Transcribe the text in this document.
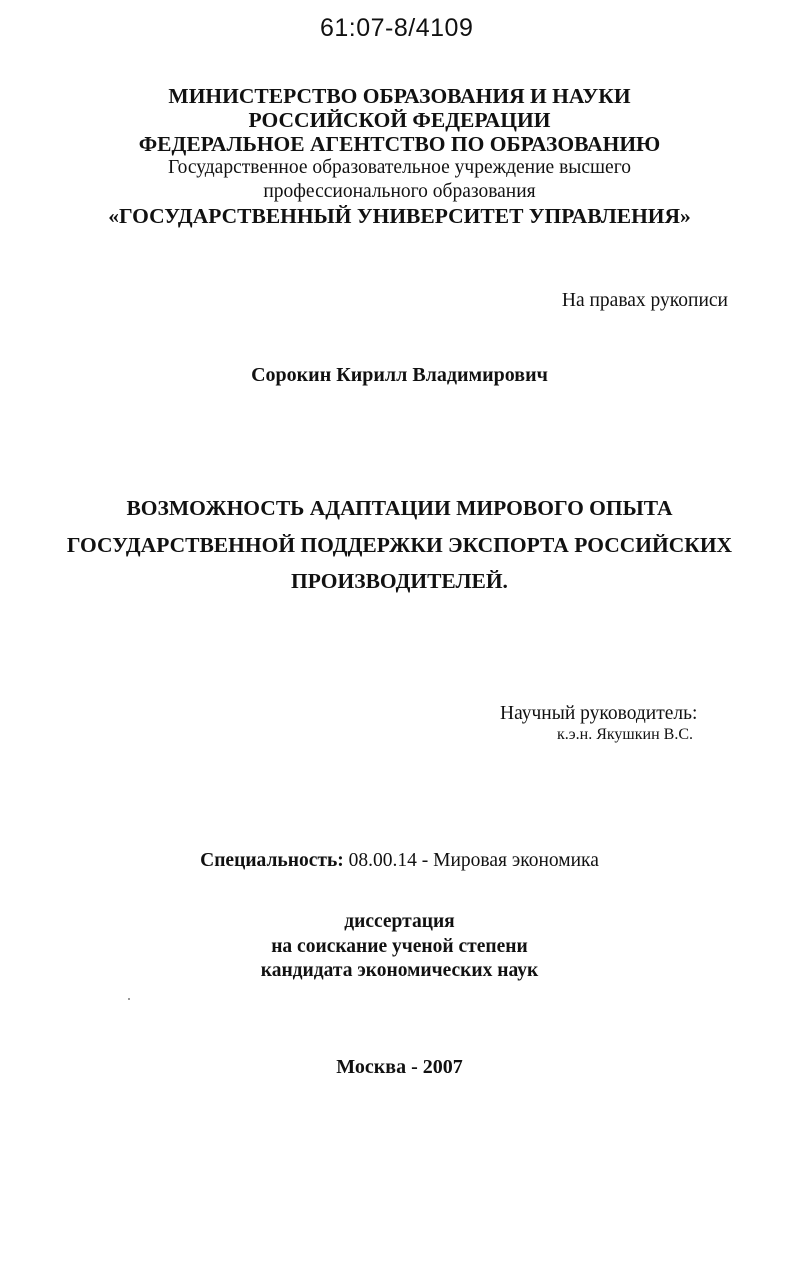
61:07-8/4109
МИНИСТЕРСТВО ОБРАЗОВАНИЯ И НАУКИ
РОССИЙСКОЙ ФЕДЕРАЦИИ
ФЕДЕРАЛЬНОЕ АГЕНТСТВО ПО ОБРАЗОВАНИЮ
Государственное образовательное учреждение высшего
профессионального образования
«ГОСУДАРСТВЕННЫЙ УНИВЕРСИТЕТ УПРАВЛЕНИЯ»
На правах рукописи
Сорокин Кирилл Владимирович
ВОЗМОЖНОСТЬ АДАПТАЦИИ МИРОВОГО ОПЫТА
ГОСУДАРСТВЕННОЙ ПОДДЕРЖКИ ЭКСПОРТА РОССИЙСКИХ
ПРОИЗВОДИТЕЛЕЙ.
Научный руководитель:
к.э.н. Якушкин В.С.
Специальность: 08.00.14 - Мировая экономика
диссертация
на соискание ученой степени
кандидата экономических наук
Москва - 2007
